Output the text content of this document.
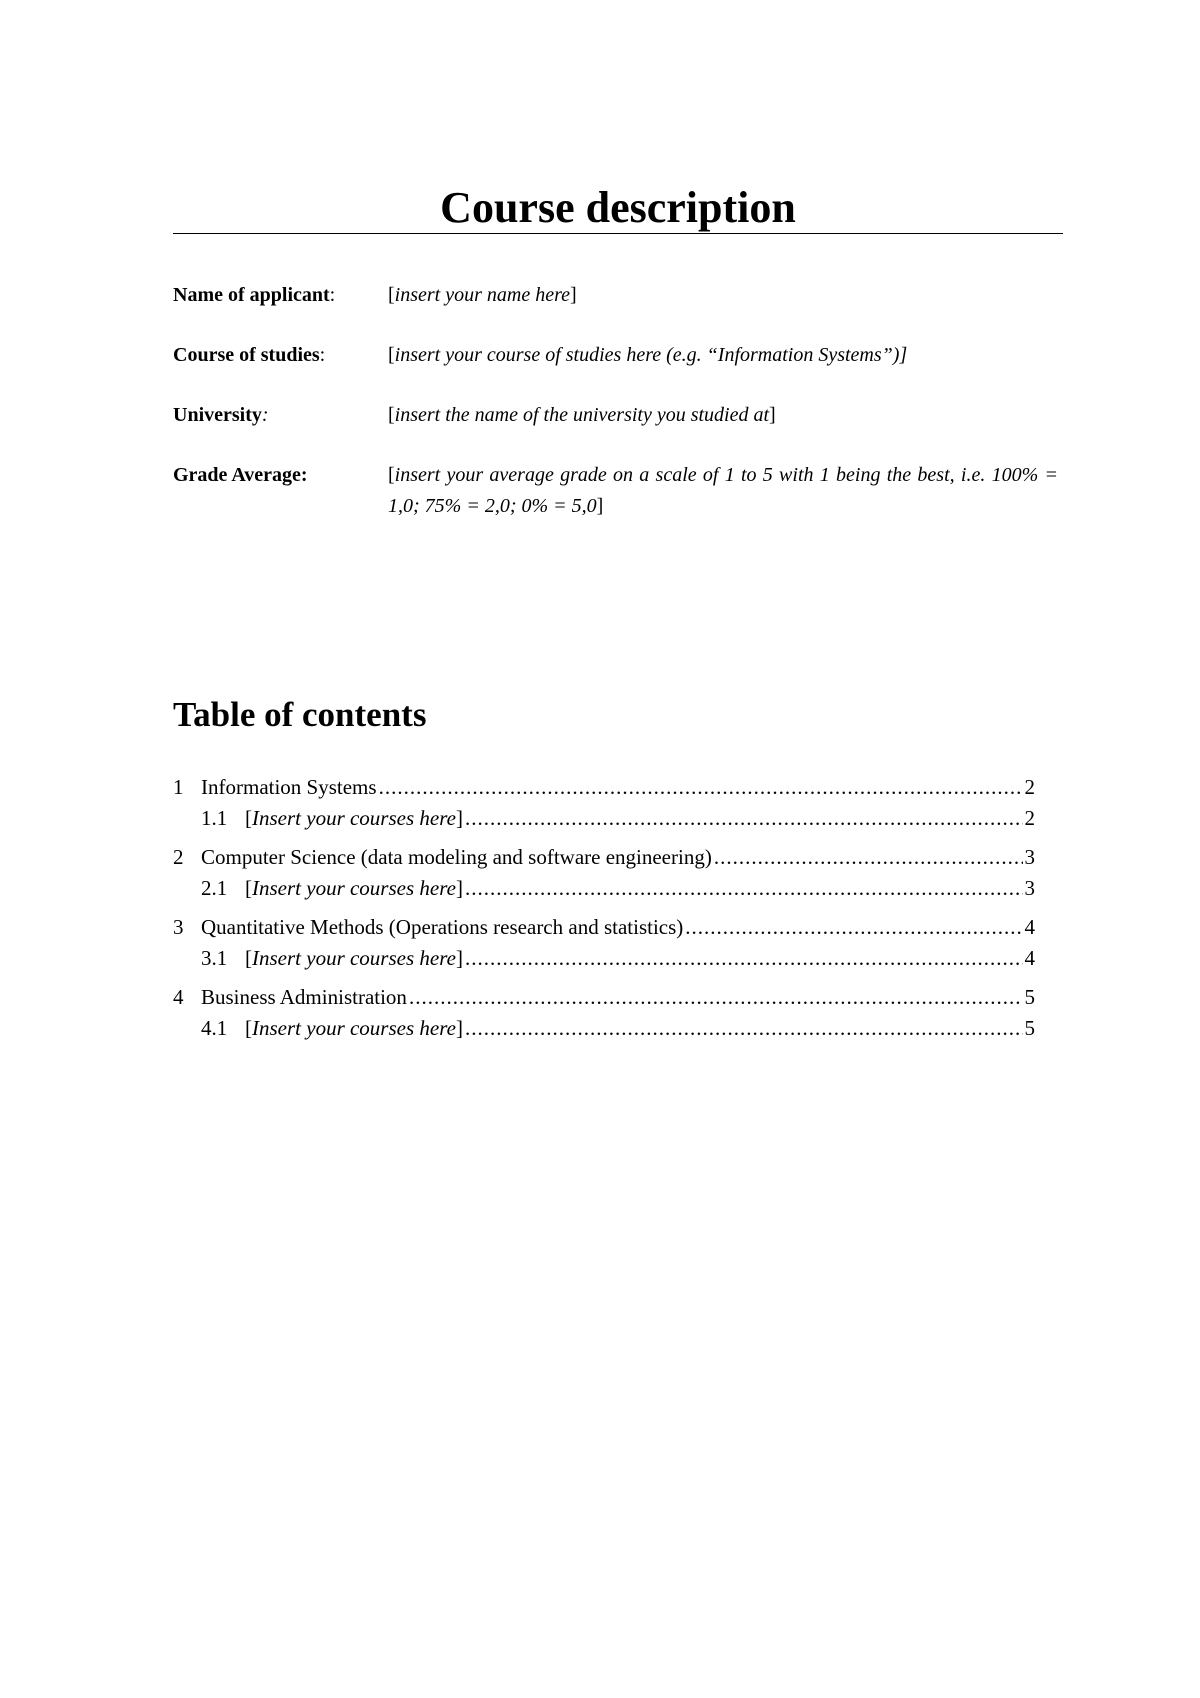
Course description
Name of applicant:	[insert your name here]
Course of studies:	[insert your course of studies here (e.g. “Information Systems”)]
University:	[insert the name of the university you studied at]
Grade Average:	[insert your average grade on a scale of 1 to 5 with 1 being the best, i.e. 100% = 1,0; 75% = 2,0; 0% = 5,0]
Table of contents
1 Information Systems .....	2
1.1 [Insert your courses here] .....	2
2 Computer Science (data modeling and software engineering) .....	3
2.1 [Insert your courses here] .....	3
3 Quantitative Methods (Operations research and statistics) .....	4
3.1 [Insert your courses here] .....	4
4 Business Administration .....	5
4.1 [Insert your courses here] .....	5
